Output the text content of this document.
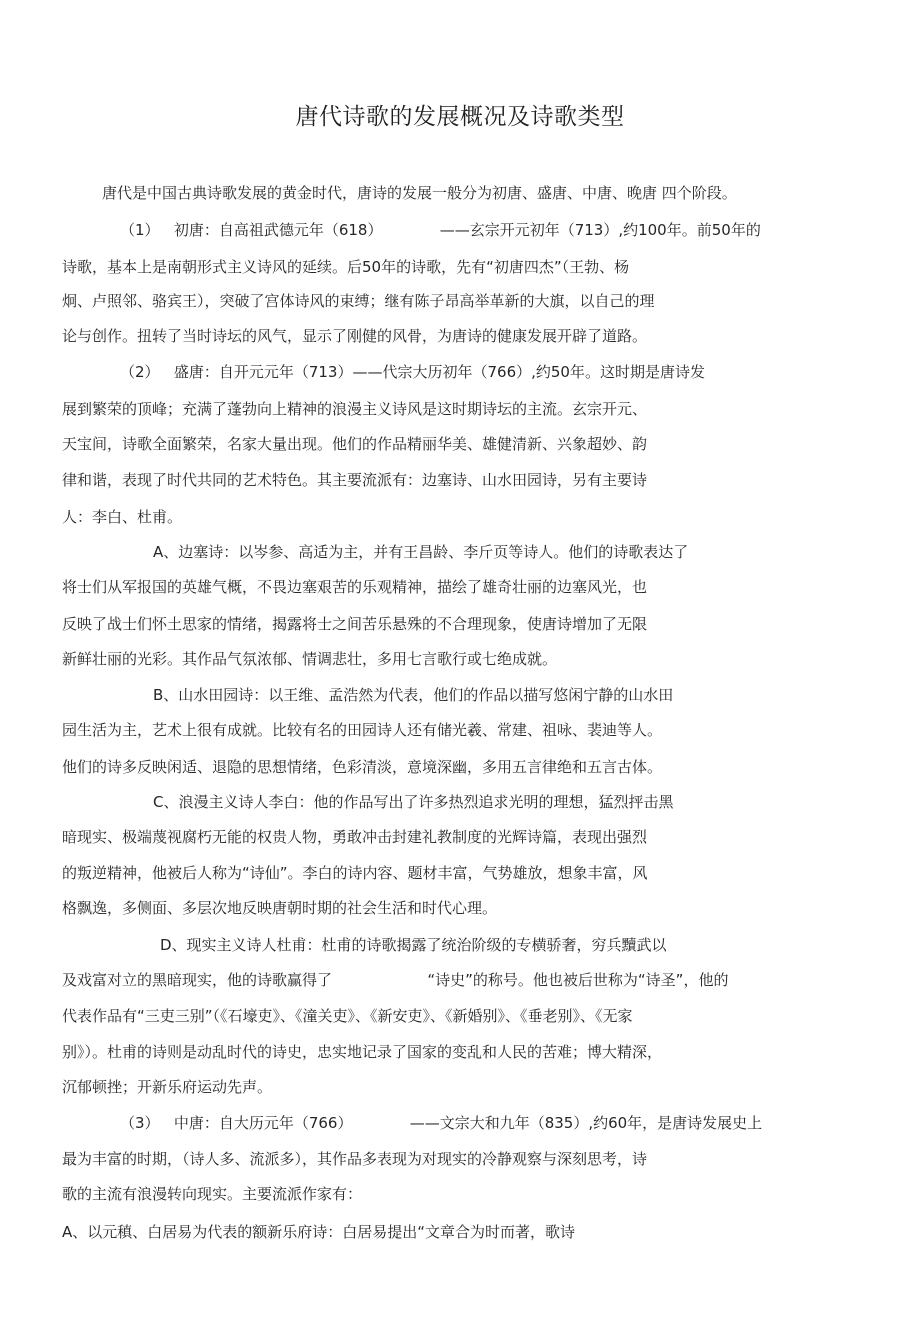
唐代诗歌的发展概况及诗歌类型
唐代是中国古典诗歌发展的黄金时代，唐诗的发展一般分为初唐、盛唐、中唐、晚唐 四个阶段。
（1）   初唐：自高祖武德元年（618）            ——玄宗开元初年（713）,约100年。前50年的
诗歌，基本上是南朝形式主义诗风的延续。后50年的诗歌，先有“初唐四杰”（王勃、杨
炯、卢照邻、骆宾王），突破了宫体诗风的束缚；继有陈子昂高举革新的大旗，以自己的理
论与创作。扭转了当时诗坛的风气，显示了刚健的风骨，为唐诗的健康发展开辟了道路。
（2）   盛唐：自开元元年（713）——代宗大历初年（766）,约50年。这时期是唐诗发
展到繁荣的顶峰；充满了蓬勃向上精神的浪漫主义诗风是这时期诗坛的主流。玄宗开元、
天宝间，诗歌全面繁荣，名家大量出现。他们的作品精丽华美、雄健清新、兴象超妙、韵
律和谐，表现了时代共同的艺术特色。其主要流派有：边塞诗、山水田园诗，另有主要诗
人：李白、杜甫。
A、边塞诗：以岑参、高适为主，并有王昌龄、李斤页等诗人。他们的诗歌表达了
将士们从军报国的英雄气概，不畏边塞艰苦的乐观精神，描绘了雄奇壮丽的边塞风光，也
反映了战士们怀土思家的情绪，揭露将士之间苦乐悬殊的不合理现象，使唐诗增加了无限
新鲜壮丽的光彩。其作品气氛浓郁、情调悲壮，多用七言歌行或七绝成就。
B、山水田园诗：以王维、孟浩然为代表，他们的作品以描写悠闲宁静的山水田
园生活为主，艺术上很有成就。比较有名的田园诗人还有储光羲、常建、祖咏、裴迪等人。
他们的诗多反映闲适、退隐的思想情绪，色彩清淡，意境深幽，多用五言律绝和五言古体。
C、浪漫主义诗人李白：他的作品写出了许多热烈追求光明的理想，猛烈抨击黑
暗现实、极端蔑视腐朽无能的权贵人物，勇敢冲击封建礼教制度的光辉诗篇，表现出强烈
的叛逆精神，他被后人称为“诗仙”。李白的诗内容、题材丰富，气势雄放，想象丰富，风
格飘逸，多侧面、多层次地反映唐朝时期的社会生活和时代心理。
D、现实主义诗人杜甫：杜甫的诗歌揭露了统治阶级的专横骄奢，穷兵黷武以
及戏富对立的黑暗现实，他的诗歌赢得了                    “诗史”的称号。他也被后世称为“诗圣”，他的
代表作品有“三吏三别”（《石壕吏》、《潼关吏》、《新安吏》、《新婚别》、《垂老别》、《无家
别》）。杜甫的诗则是动乱时代的诗史，忠实地记录了国家的变乱和人民的苦难；博大精深，
沉郁顿挫；开新乐府运动先声。
（3）   中唐：自大历元年（766）            ——文宗大和九年（835）,约60年，是唐诗发展史上
最为丰富的时期，（诗人多、流派多），其作品多表现为对现实的冷静观察与深刻思考，诗
歌的主流有浪漫转向现实。主要流派作家有：
A、以元稹、白居易为代表的额新乐府诗：白居易提出“文章合为时而著，歌诗
